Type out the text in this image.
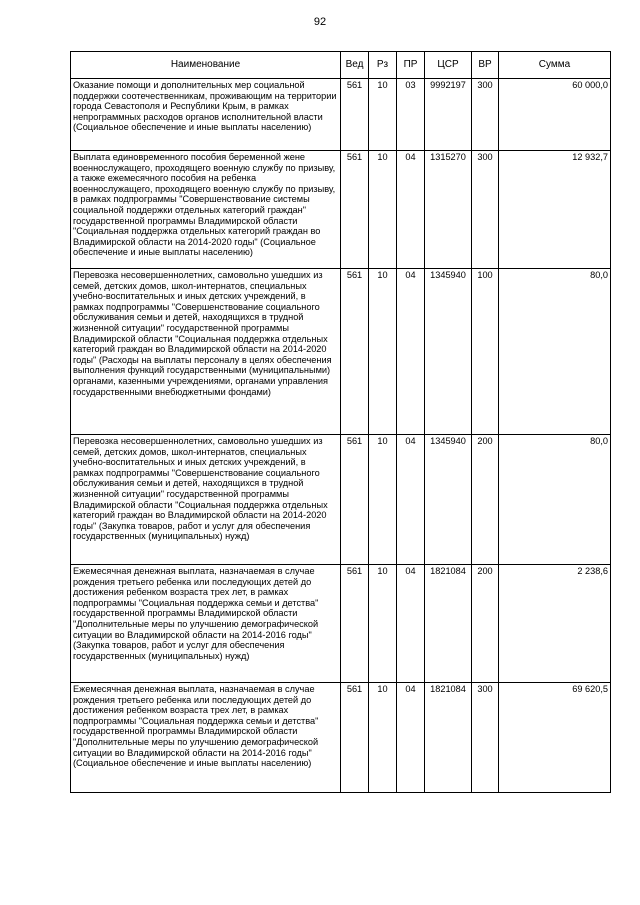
92
Наименование	Вед	Рз	ПР	ЦСР	ВР	Сумма
Оказание помощи и дополнительных мер социальной поддержки соотечественникам, проживающим на территории города Севастополя и Республики Крым, в рамках непрограммных расходов органов исполнительной власти (Социальное обеспечение и иные выплаты населению)	561	10	03	9992197	300	60 000,0
Выплата единовременного пособия беременной жене военнослужащего, проходящего военную службу по призыву, а также ежемесячного пособия на ребенка военнослужащего, проходящего военную службу по призыву, в рамках подпрограммы "Совершенствование системы социальной поддержки отдельных категорий граждан" государственной программы Владимирской области "Социальная поддержка отдельных категорий граждан во Владимирской области на 2014-2020 годы" (Социальное обеспечение и иные выплаты населению)	561	10	04	1315270	300	12 932,7
Перевозка несовершеннолетних, самовольно ушедших из семей, детских домов, школ-интернатов, специальных учебно-воспитательных и иных детских учреждений, в рамках подпрограммы "Совершенствование социального обслуживания семьи и детей, находящихся в трудной жизненной ситуации" государственной программы Владимирской области "Социальная поддержка отдельных категорий граждан во Владимирской области на 2014-2020 годы" (Расходы на выплаты персоналу в целях обеспечения выполнения функций государственными (муниципальными) органами, казенными учреждениями, органами управления государственными внебюджетными фондами)	561	10	04	1345940	100	80,0
Перевозка несовершеннолетних, самовольно ушедших из семей, детских домов, школ-интернатов, специальных учебно-воспитательных и иных детских учреждений, в рамках подпрограммы "Совершенствование социального обслуживания семьи и детей, находящихся в трудной жизненной ситуации" государственной программы Владимирской области "Социальная поддержка отдельных категорий граждан во Владимирской области на 2014-2020 годы" (Закупка товаров, работ и услуг для обеспечения государственных (муниципальных) нужд)	561	10	04	1345940	200	80,0
Ежемесячная денежная выплата, назначаемая в случае рождения третьего ребенка или последующих детей до достижения ребенком возраста трех лет, в рамках подпрограммы "Социальная поддержка семьи и детства" государственной программы Владимирской области "Дополнительные меры по улучшению демографической ситуации во Владимирской области на 2014-2016 годы" (Закупка товаров, работ и услуг для обеспечения государственных (муниципальных) нужд)	561	10	04	1821084	200	2 238,6
Ежемесячная денежная выплата, назначаемая в случае рождения третьего ребенка или последующих детей до достижения ребенком возраста трех лет, в рамках подпрограммы "Социальная поддержка семьи и детства" государственной программы Владимирской области "Дополнительные меры по улучшению демографической ситуации во Владимирской области на 2014-2016 годы" (Социальное обеспечение и иные выплаты населению)	561	10	04	1821084	300	69 620,5
